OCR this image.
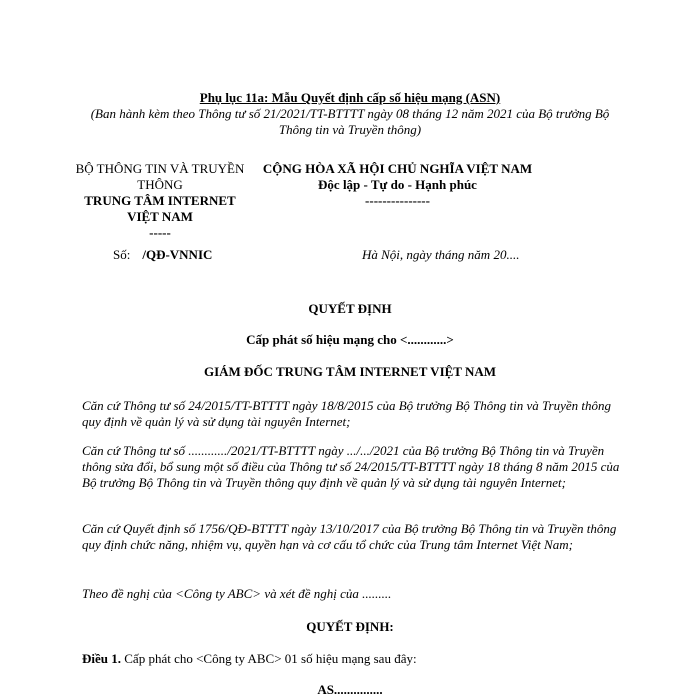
Phụ lục 11a: Mẫu Quyết định cấp số hiệu mạng (ASN)
(Ban hành kèm theo Thông tư số 21/2021/TT-BTTTT ngày 08 tháng 12 năm 2021 của Bộ trưởng Bộ Thông tin và Truyền thông)
BỘ THÔNG TIN VÀ TRUYỀN THÔNG
TRUNG TÂM INTERNET VIỆT NAM
-----
CỘNG HÒA XÃ HỘI CHỦ NGHĨA VIỆT NAM
Độc lập - Tự do - Hạnh phúc
---------------
Số: /QĐ-VNNIC	Hà Nội, ngày tháng năm 20....
QUYẾT ĐỊNH
Cấp phát số hiệu mạng cho <............>
GIÁM ĐỐC TRUNG TÂM INTERNET VIỆT NAM
Căn cứ Thông tư số 24/2015/TT-BTTTT ngày 18/8/2015 của Bộ trưởng Bộ Thông tin và Truyền thông quy định về quản lý và sử dụng tài nguyên Internet;
Căn cứ Thông tư số ............/2021/TT-BTTTT ngày .../.../2021 của Bộ trưởng Bộ Thông tin và Truyền thông sửa đổi, bổ sung một số điều của Thông tư số 24/2015/TT-BTTTT ngày 18 tháng 8 năm 2015 của Bộ trưởng Bộ Thông tin và Truyền thông quy định về quản lý và sử dụng tài nguyên Internet;
Căn cứ Quyết định số 1756/QĐ-BTTTT ngày 13/10/2017 của Bộ trưởng Bộ Thông tin và Truyền thông quy định chức năng, nhiệm vụ, quyền hạn và cơ cấu tổ chức của Trung tâm Internet Việt Nam;
Theo đề nghị của <Công ty ABC> và xét đề nghị của .........
QUYẾT ĐỊNH:
Điều 1. Cấp phát cho <Công ty ABC> 01 số hiệu mạng sau đây:
AS...............
